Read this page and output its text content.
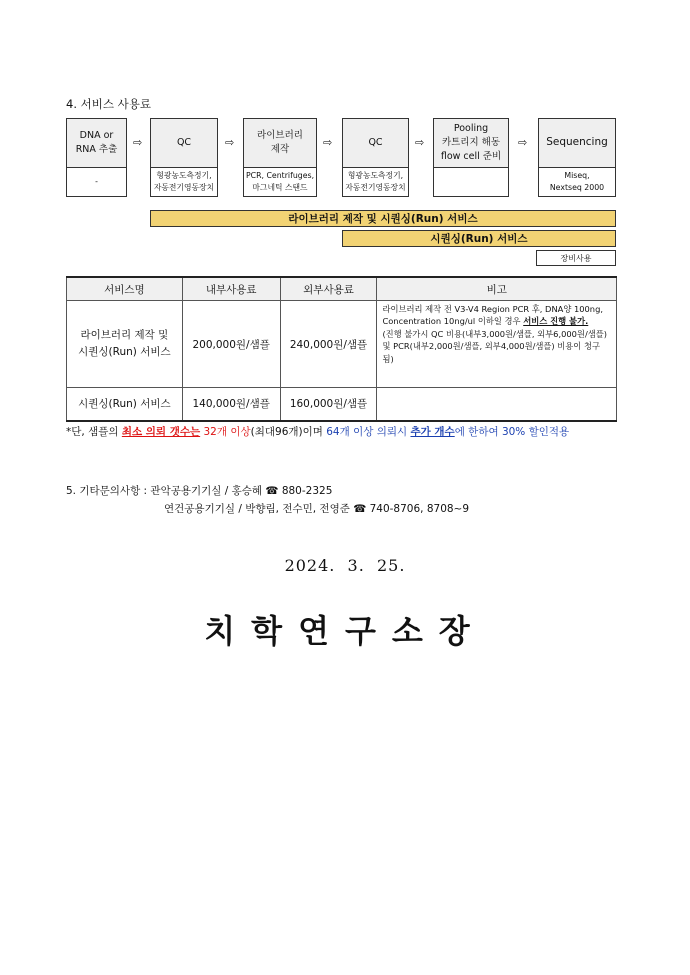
4. 서비스 사용료
DNA or
RNA 추출
-
QC
형광농도측정기,
자동전기영동장치
라이브러리
제작
PCR, Centrifuges,
마그네틱 스탠드
QC
형광농도측정기,
자동전기영동장치
Pooling
카트리지 해동
flow cell 준비
Sequencing
Miseq,
Nextseq 2000
⇨	⇨	⇨	⇨	⇨
라이브러리 제작 및 시퀀싱(Run) 서비스
시퀀싱(Run) 서비스
장비사용
서비스명	내부사용료	외부사용료	비고
라이브러리 제작 및
시퀀싱(Run) 서비스	200,000원/샘플	240,000원/샘플	라이브러리 제작 전 V3-V4 Region PCR 후, DNA양 100ng, Concentration 10ng/ul 이하일 경우 서비스 진행 불가.
(진행 불가시 QC 비용(내부3,000원/샘플, 외부6,000원/샘플) 및 PCR(내부2,000원/샘플, 외부4,000원/샘플) 비용이 청구됨)
시퀀싱(Run) 서비스	140,000원/샘플	160,000원/샘플	
*단, 샘플의 최소 의뢰 갯수는 32개 이상(최대96개)이며 64개 이상 의뢰시 추가 개수에 한하여 30% 할인적용
5. 기타문의사항 : 관악공용기기실 / 홍승혜 ☎ 880-2325
연건공용기기실 / 박향림, 전수민, 전영준 ☎ 740-8706, 8708~9
2024.  3.  25.
치학연구소장
